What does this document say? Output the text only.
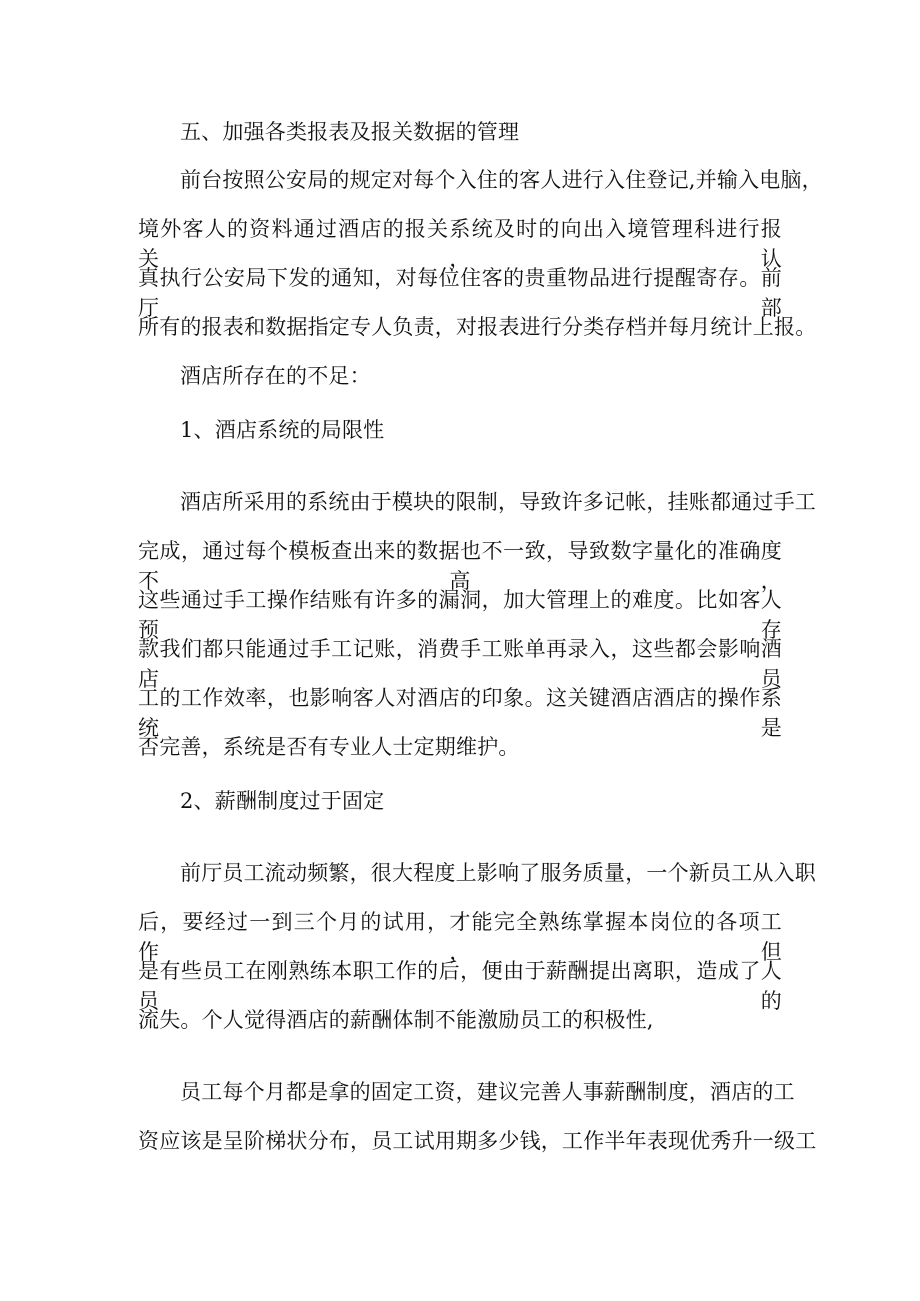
五、加强各类报表及报关数据的管理
前台按照公安局的规定对每个入住的客人进行入住登记,并输入电脑，
境外客人的资料通过酒店的报关系统及时的向出入境管理科进行报关，认
真执行公安局下发的通知，对每位住客的贵重物品进行提醒寄存。前厅部
所有的报表和数据指定专人负责，对报表进行分类存档并每月统计上报。
酒店所存在的不足：
1、酒店系统的局限性
酒店所采用的系统由于模块的限制，导致许多记帐，挂账都通过手工
完成，通过每个模板查出来的数据也不一致，导致数字量化的准确度不高，
这些通过手工操作结账有许多的漏洞，加大管理上的难度。比如客人预存
款我们都只能通过手工记账，消费手工账单再录入，这些都会影响酒店员
工的工作效率，也影响客人对酒店的印象。这关键酒店酒店的操作系统是
否完善，系统是否有专业人士定期维护。
2、薪酬制度过于固定
前厅员工流动频繁，很大程度上影响了服务质量，一个新员工从入职
后，要经过一到三个月的试用，才能完全熟练掌握本岗位的各项工作，但
是有些员工在刚熟练本职工作的后，便由于薪酬提出离职，造成了人员的
流失。个人觉得酒店的薪酬体制不能激励员工的积极性,
员工每个月都是拿的固定工资，建议完善人事薪酬制度，酒店的工
资应该是呈阶梯状分布，员工试用期多少钱，工作半年表现优秀升一级工
